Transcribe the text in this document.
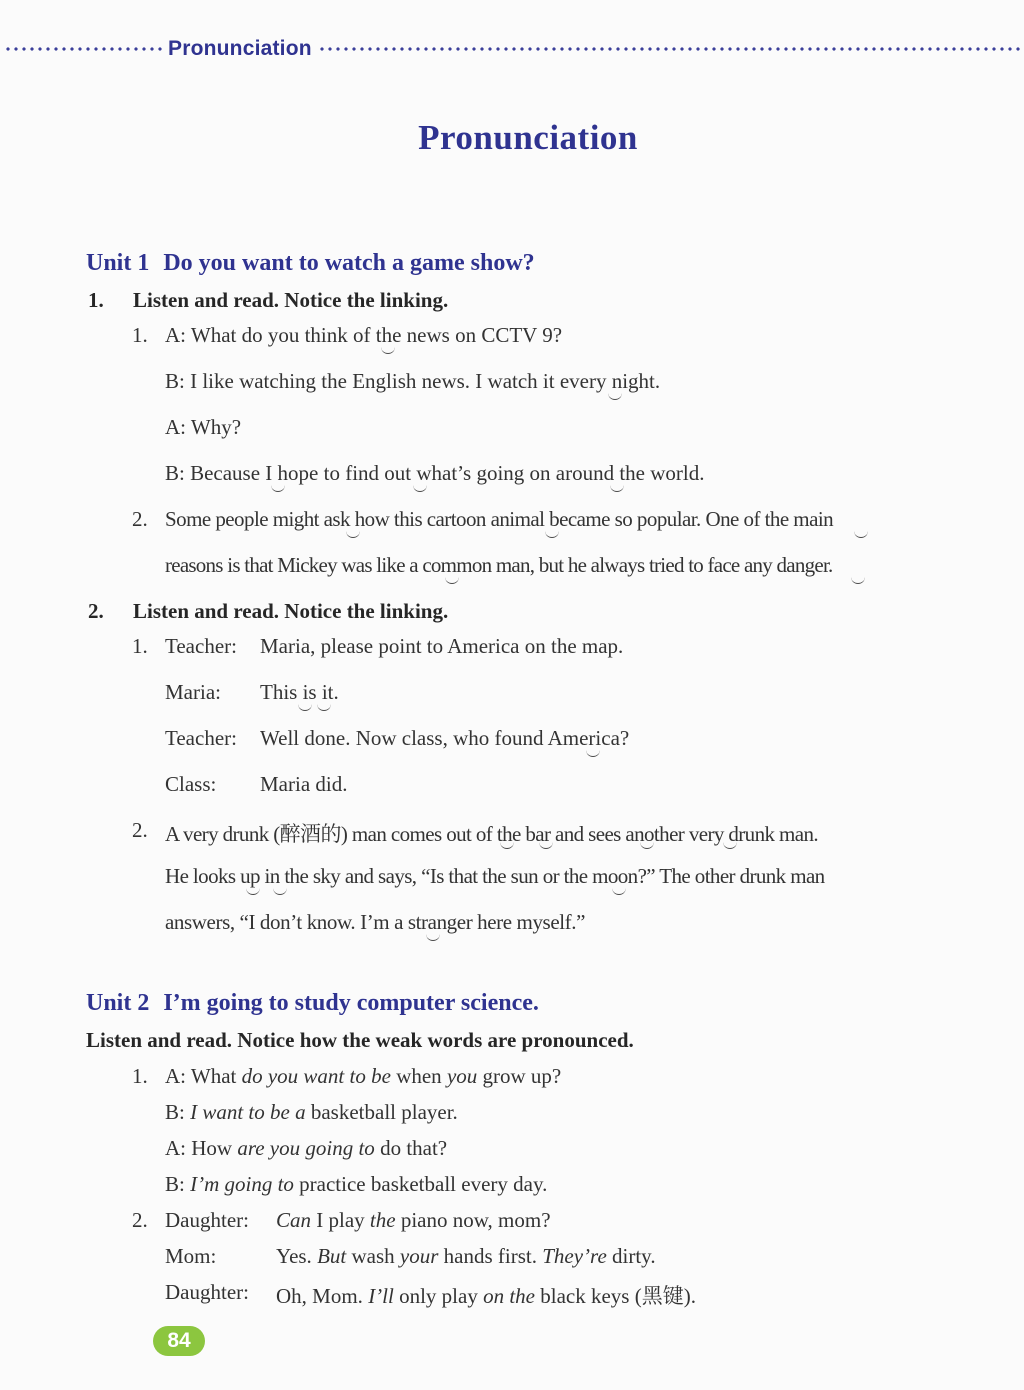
Pronunciation
Pronunciation
Unit 1 Do you want to watch a game show?
1. Listen and read. Notice the linking.
1. A: What do you think of the news on CCTV 9?
B: I like watching the English news. I watch it every night.
A: Why?
B: Because I hope to find out what’s going on around the world.
2. Some people might ask how this cartoon animal became so popular. One of the main
reasons is that Mickey was like a common man, but he always tried to face any danger.
2. Listen and read. Notice the linking.
1. Teacher: Maria, please point to America on the map.
Maria: This is it.
Teacher: Well done. Now class, who found America?
Class: Maria did.
2. A very drunk (醉酒的) man comes out of the bar and sees another very drunk man.
He looks up in the sky and says, “Is that the sun or the moon?” The other drunk man
answers, “I don’t know. I’m a stranger here myself.”
Unit 2 I’m going to study computer science.
Listen and read. Notice how the weak words are pronounced.
1. A: What do you want to be when you grow up?
B: I want to be a basketball player.
A: How are you going to do that?
B: I’m going to practice basketball every day.
2. Daughter: Can I play the piano now, mom?
Mom:	Yes. But wash your hands first. They’re dirty.
Daughter: Oh, Mom. I’ll only play on the black keys (黑键).
84
